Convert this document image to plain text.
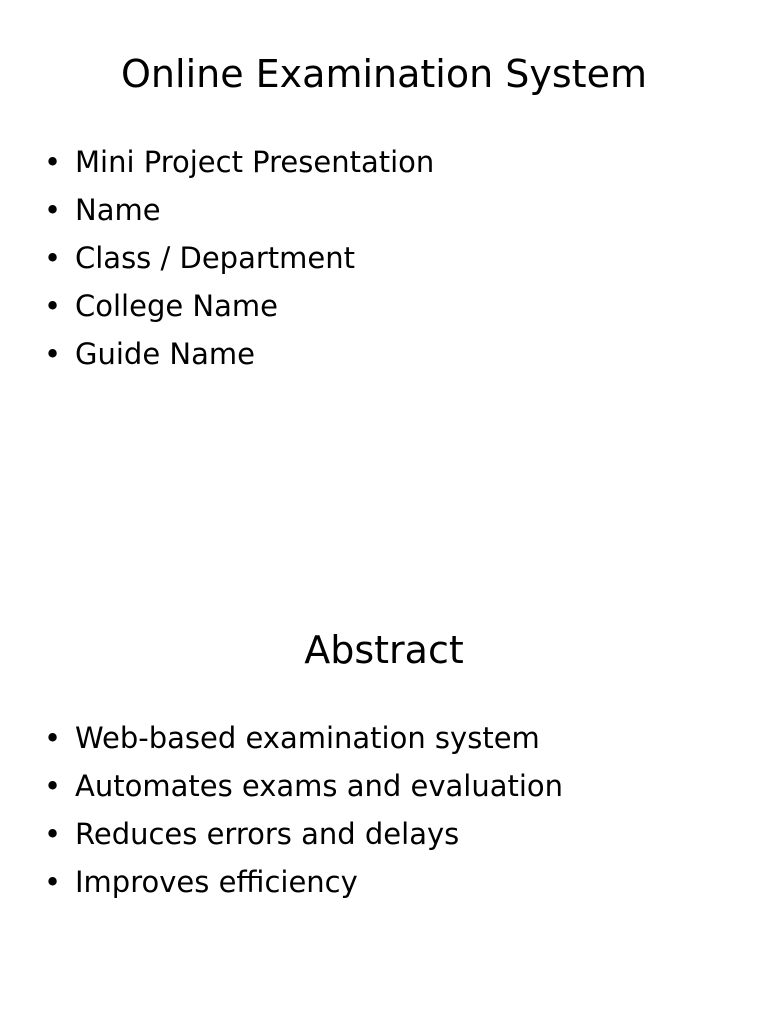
Online Examination System
• Mini Project Presentation
• Name
• Class / Department
• College Name
• Guide Name
Abstract
• Web-based examination system
• Automates exams and evaluation
• Reduces errors and delays
• Improves efficiency
